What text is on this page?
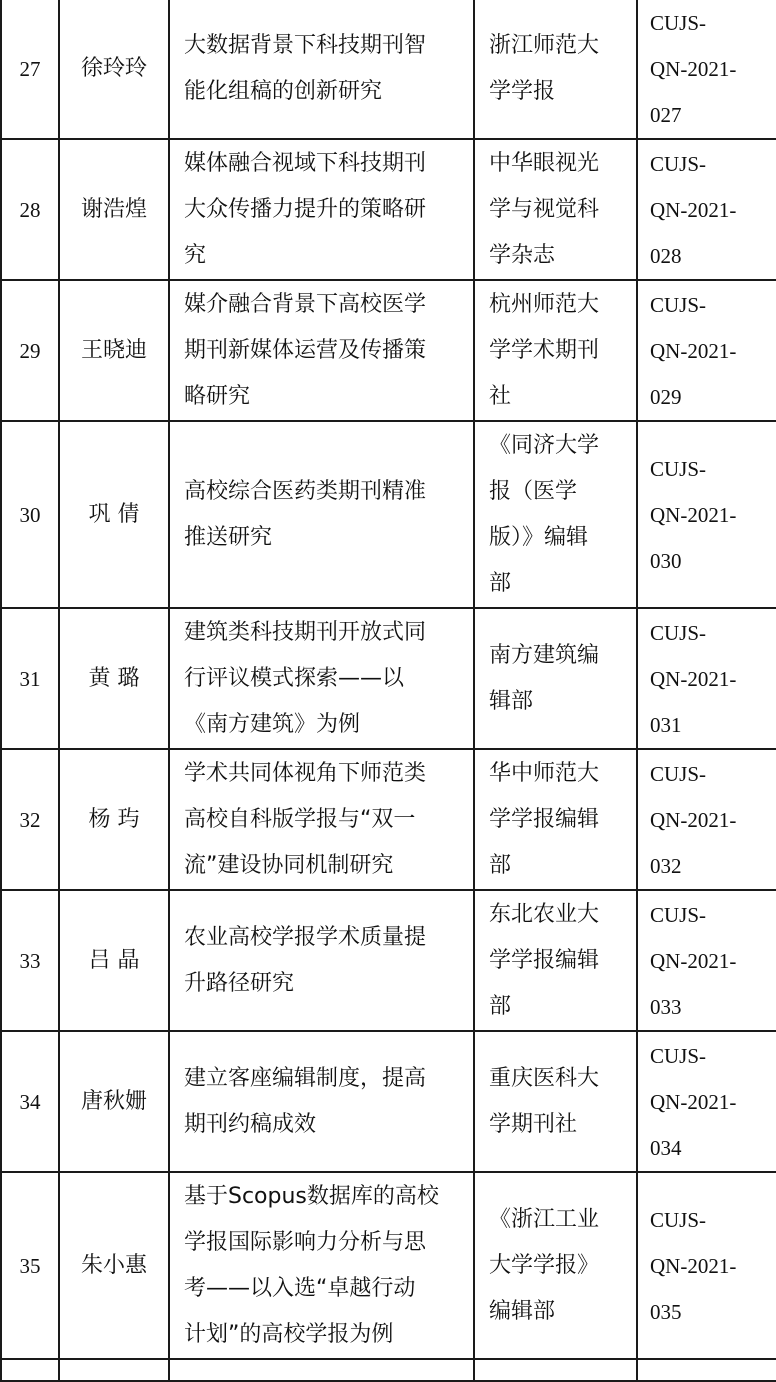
27	徐玲玲	大数据背景下科技期刊智
能化组稿的创新研究	浙江师范大
学学报	CUJS-
QN-2021-
027

28	谢浩煌	媒体融合视域下科技期刊
大众传播力提升的策略研
究	中华眼视光
学与视觉科
学杂志	CUJS-
QN-2021-
028

29	王晓迪	媒介融合背景下高校医学
期刊新媒体运营及传播策
略研究	杭州师范大
学学术期刊
社	CUJS-
QN-2021-
029

30	巩 倩	高校综合医药类期刊精准
推送研究	《同济大学
报（医学
版）》编辑
部	CUJS-
QN-2021-
030

31	黄 璐	建筑类科技期刊开放式同
行评议模式探索——以
《南方建筑》为例	南方建筑编
辑部	CUJS-
QN-2021-
031

32	杨 玙	学术共同体视角下师范类
高校自科版学报与“双一
流”建设协同机制研究	华中师范大
学学报编辑
部	CUJS-
QN-2021-
032

33	吕 晶	农业高校学报学术质量提
升路径研究	东北农业大
学学报编辑
部	CUJS-
QN-2021-
033

34	唐秋姗	建立客座编辑制度，提高
期刊约稿成效	重庆医科大
学期刊社	CUJS-
QN-2021-
034

35	朱小惠	基于Scopus数据库的高校
学报国际影响力分析与思
考——以入选“卓越行动
计划”的高校学报为例	《浙江工业
大学学报》
编辑部	CUJS-
QN-2021-
035
